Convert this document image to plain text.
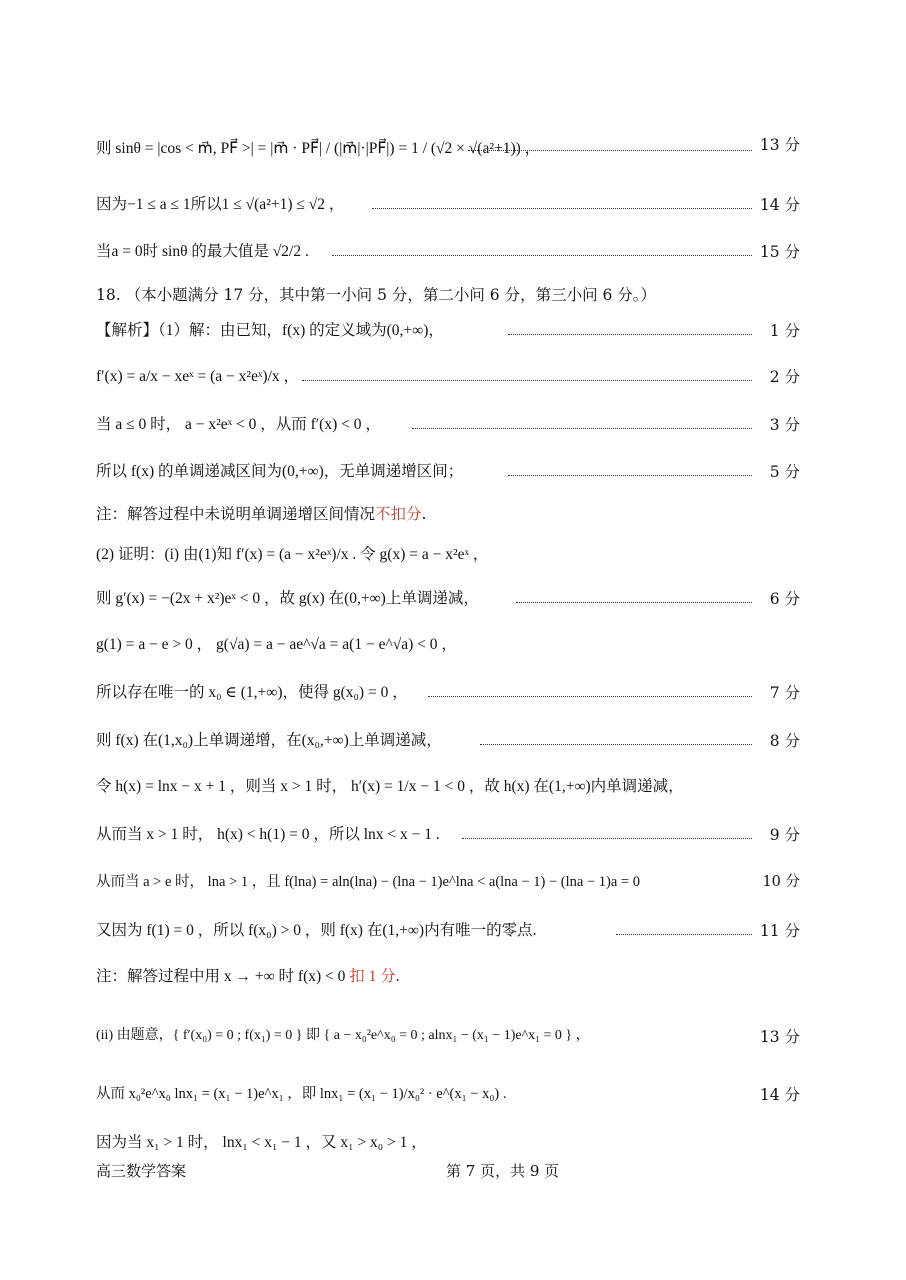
则 sinθ = |cos < m⃗, PF⃗ >| = |m⃗ · PF⃗| / (|m⃗|·|PF⃗|) = 1 / (√2 × √(a²+1)) ，	13 分
因为−1 ≤ a ≤ 1所以1 ≤ √(a²+1) ≤ √2 ，	14 分
当a = 0时 sinθ 的最大值是 √2/2 .	15 分
18. （本小题满分 17 分，其中第一小问 5 分，第二小问 6 分，第三小问 6 分。）
【解析】（1）解：由已知，f(x) 的定义域为(0,+∞)，	1 分
f′(x) = a/x − xeˣ = (a − x²eˣ)/x ，	2 分
当 a ≤ 0 时， a − x²eˣ < 0 ，从而 f′(x) < 0 ，	3 分
所以 f(x) 的单调递减区间为(0,+∞)，无单调递增区间；	5 分
注：解答过程中未说明单调递增区间情况不扣分.
(2) 证明：(i) 由(1)知 f′(x) = (a − x²eˣ)/x . 令 g(x) = a − x²eˣ ，
则 g′(x) = −(2x + x²)eˣ < 0 ，故 g(x) 在(0,+∞)上单调递减，	6 分
g(1) = a − e > 0 ， g(√a) = a − ae^√a = a(1 − e^√a) < 0 ，
所以存在唯一的 x₀ ∈ (1,+∞)，使得 g(x₀) = 0 ，	7 分
则 f(x) 在(1,x₀)上单调递增，在(x₀,+∞)上单调递减，	8 分
令 h(x) = lnx − x + 1 ，则当 x > 1 时， h′(x) = 1/x − 1 < 0 ，故 h(x) 在(1,+∞)内单调递减，
从而当 x > 1 时， h(x) < h(1) = 0 ，所以 lnx < x − 1 .	9 分
从而当 a > e 时， lna > 1 ，且 f(lna) = aln(lna) − (lna − 1)e^lna < a(lna − 1) − (lna − 1)a = 0	10 分
又因为 f(1) = 0 ，所以 f(x₀) > 0 ，则 f(x) 在(1,+∞)内有唯一的零点.	11 分
注：解答过程中用 x → +∞ 时 f(x) < 0 扣 1 分.
(ii) 由题意，{ f′(x₀) = 0 ; f(x₁) = 0 } 即 { a − x₀²e^x₀ = 0 ; alnx₁ − (x₁ − 1)e^x₁ = 0 } ，	13 分
从而 x₀²e^x₀ lnx₁ = (x₁ − 1)e^x₁ ，即 lnx₁ = (x₁ − 1)/x₀² · e^(x₁ − x₀) .	14 分
因为当 x₁ > 1 时， lnx₁ < x₁ − 1 ，又 x₁ > x₀ > 1 ，
高三数学答案	第 7 页，共 9 页
